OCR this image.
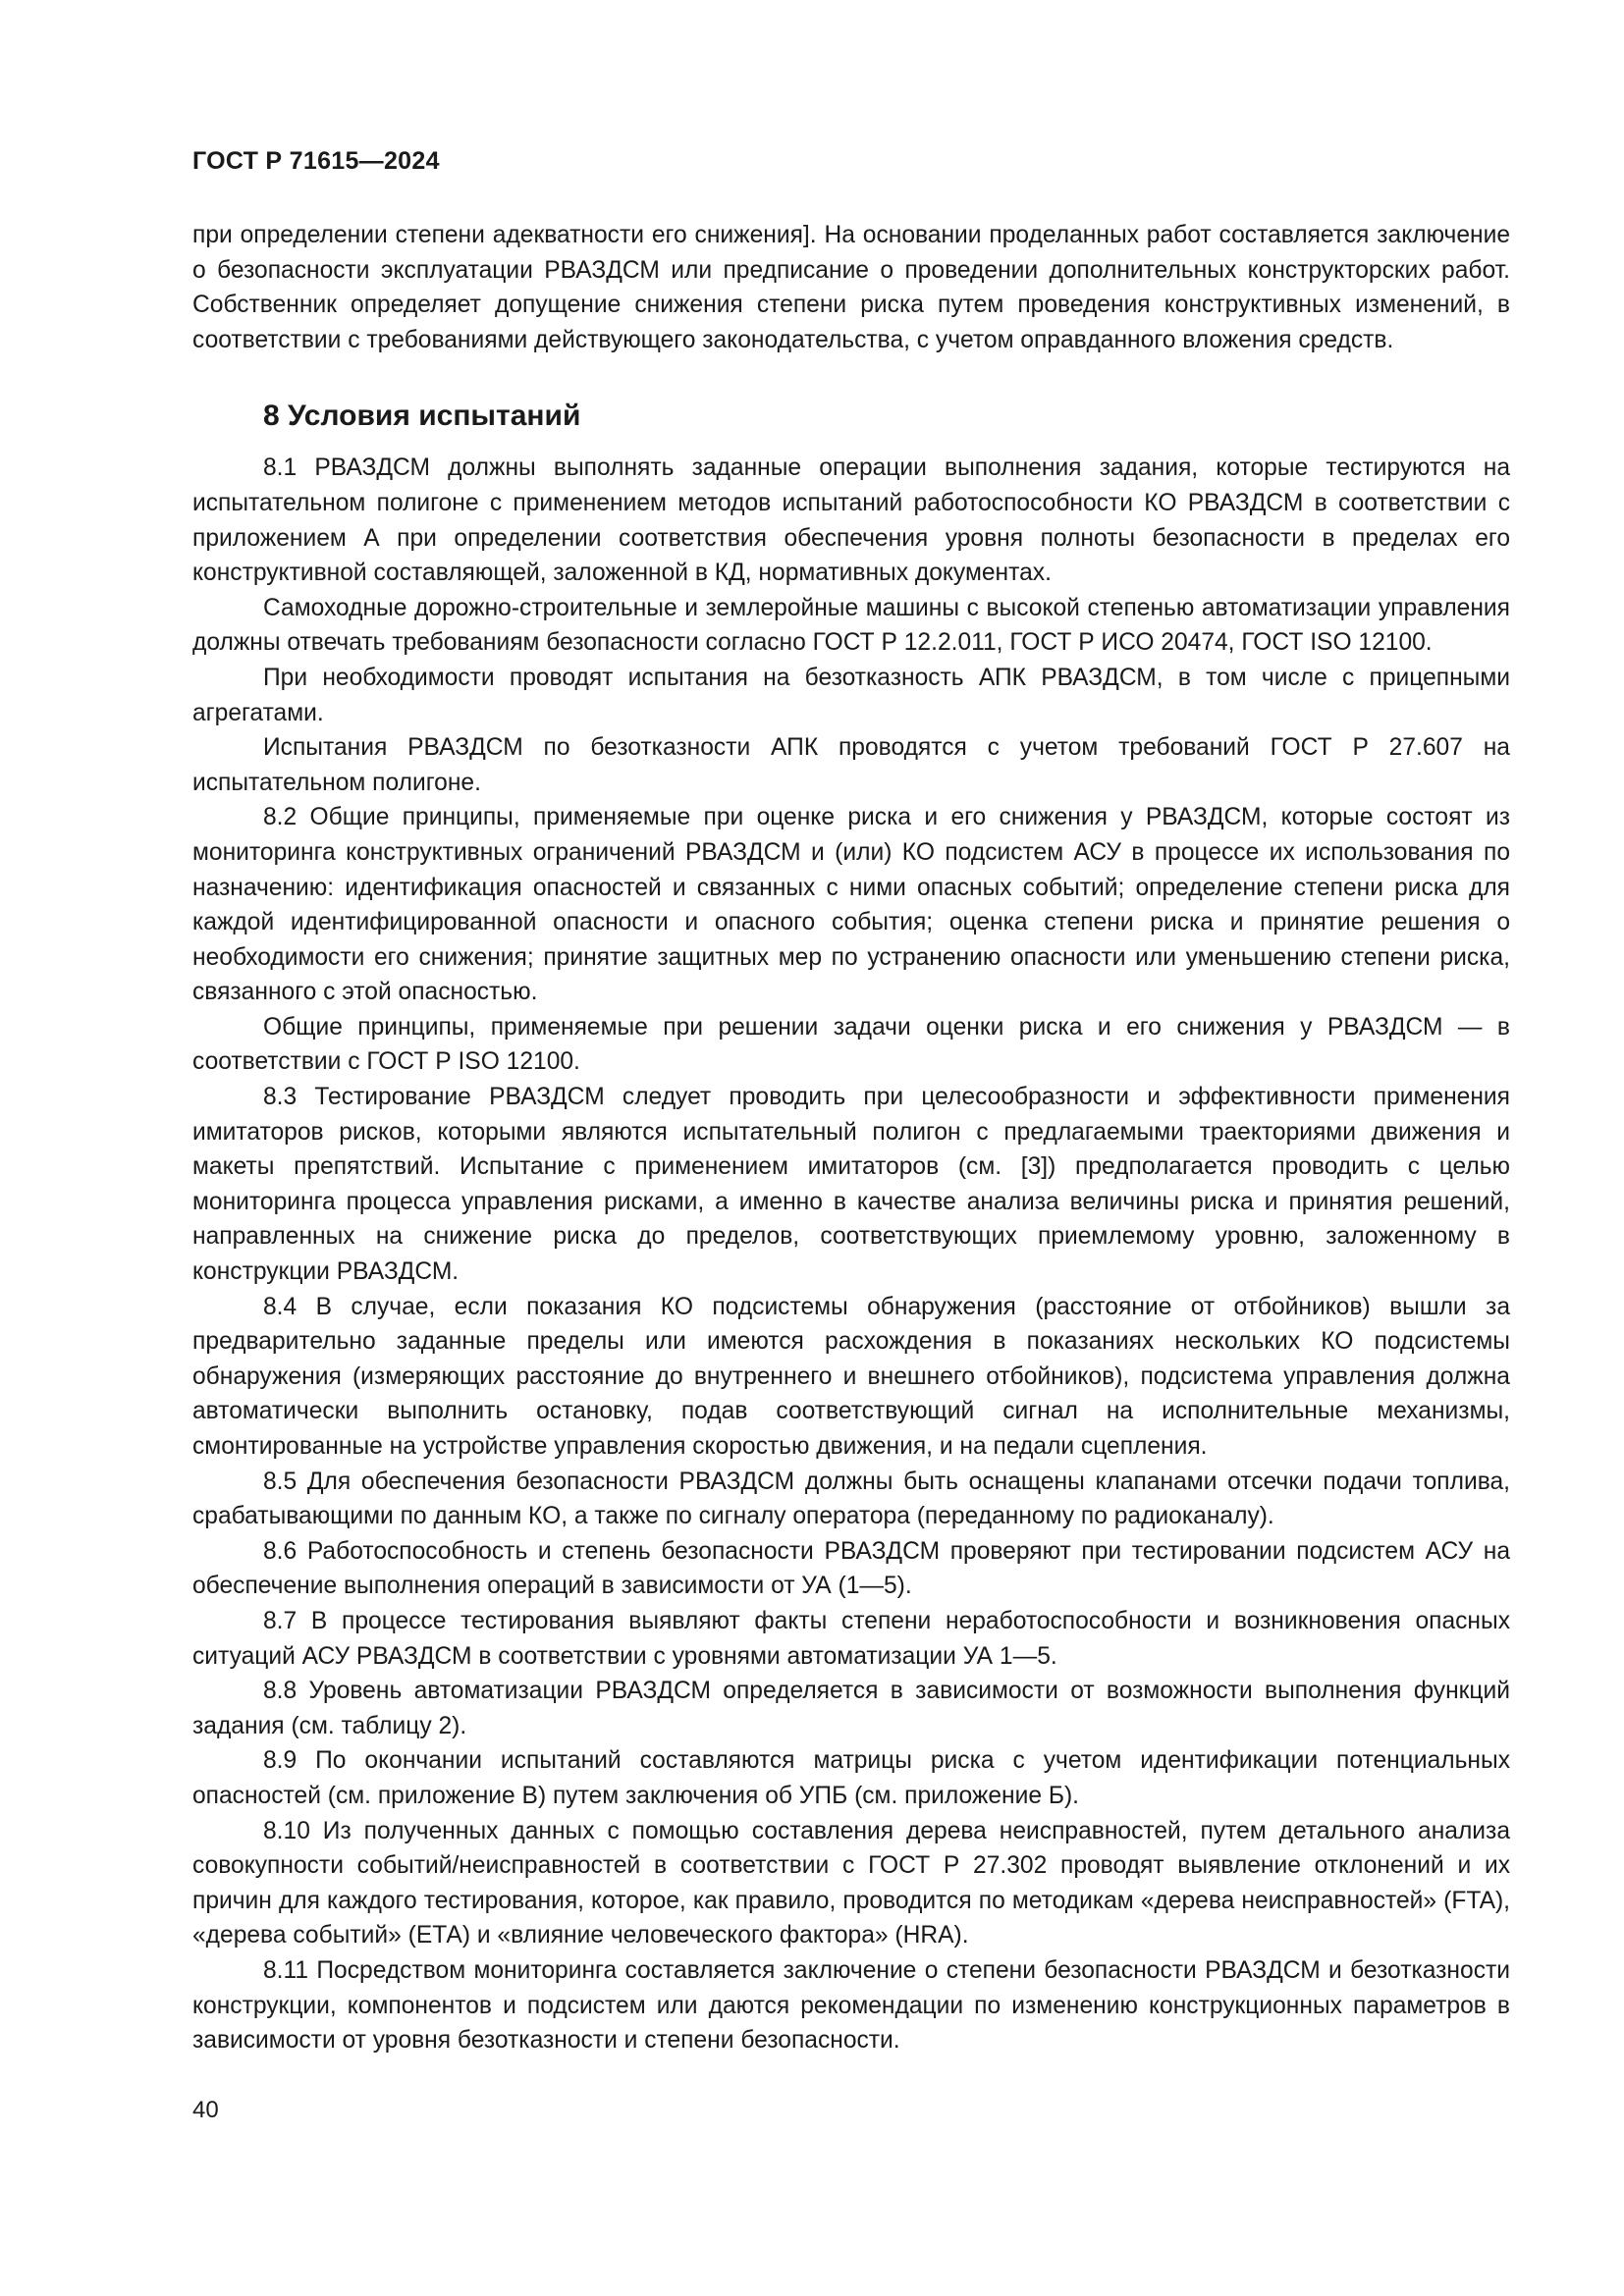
ГОСТ Р 71615—2024

при определении степени адекватности его снижения]. На основании проделанных работ составляется заключение о безопасности эксплуатации РВАЗДСМ или предписание о проведении дополнительных конструкторских работ. Собственник определяет допущение снижения степени риска путем проведения конструктивных изменений, в соответствии с требованиями действующего законодательства, с учетом оправданного вложения средств.

8 Условия испытаний

8.1 РВАЗДСМ должны выполнять заданные операции выполнения задания, которые тестируются на испытательном полигоне с применением методов испытаний работоспособности КО РВАЗДСМ в соответствии с приложением А при определении соответствия обеспечения уровня полноты безопасности в пределах его конструктивной составляющей, заложенной в КД, нормативных документах.

Самоходные дорожно-строительные и землеройные машины с высокой степенью автоматизации управления должны отвечать требованиям безопасности согласно ГОСТ Р 12.2.011, ГОСТ Р ИСО 20474, ГОСТ ISO 12100.

При необходимости проводят испытания на безотказность АПК РВАЗДСМ, в том числе с прицепными агрегатами.

Испытания РВАЗДСМ по безотказности АПК проводятся с учетом требований ГОСТ Р 27.607 на испытательном полигоне.

8.2 Общие принципы, применяемые при оценке риска и его снижения у РВАЗДСМ, которые состоят из мониторинга конструктивных ограничений РВАЗДСМ и (или) КО подсистем АСУ в процессе их использования по назначению: идентификация опасностей и связанных с ними опасных событий; определение степени риска для каждой идентифицированной опасности и опасного события; оценка степени риска и принятие решения о необходимости его снижения; принятие защитных мер по устранению опасности или уменьшению степени риска, связанного с этой опасностью.

Общие принципы, применяемые при решении задачи оценки риска и его снижения у РВАЗДСМ — в соответствии с ГОСТ Р ISO 12100.

8.3 Тестирование РВАЗДСМ следует проводить при целесообразности и эффективности применения имитаторов рисков, которыми являются испытательный полигон с предлагаемыми траекториями движения и макеты препятствий. Испытание с применением имитаторов (см. [3]) предполагается проводить с целью мониторинга процесса управления рисками, а именно в качестве анализа величины риска и принятия решений, направленных на снижение риска до пределов, соответствующих приемлемому уровню, заложенному в конструкции РВАЗДСМ.

8.4 В случае, если показания КО подсистемы обнаружения (расстояние от отбойников) вышли за предварительно заданные пределы или имеются расхождения в показаниях нескольких КО подсистемы обнаружения (измеряющих расстояние до внутреннего и внешнего отбойников), подсистема управления должна автоматически выполнить остановку, подав соответствующий сигнал на исполнительные механизмы, смонтированные на устройстве управления скоростью движения, и на педали сцепления.

8.5 Для обеспечения безопасности РВАЗДСМ должны быть оснащены клапанами отсечки подачи топлива, срабатывающими по данным КО, а также по сигналу оператора (переданному по радиоканалу).

8.6 Работоспособность и степень безопасности РВАЗДСМ проверяют при тестировании подсистем АСУ на обеспечение выполнения операций в зависимости от УА (1—5).

8.7 В процессе тестирования выявляют факты степени неработоспособности и возникновения опасных ситуаций АСУ РВАЗДСМ в соответствии с уровнями автоматизации УА 1—5.

8.8 Уровень автоматизации РВАЗДСМ определяется в зависимости от возможности выполнения функций задания (см. таблицу 2).

8.9 По окончании испытаний составляются матрицы риска с учетом идентификации потенциальных опасностей (см. приложение В) путем заключения об УПБ (см. приложение Б).

8.10 Из полученных данных с помощью составления дерева неисправностей, путем детального анализа совокупности событий/неисправностей в соответствии с ГОСТ Р 27.302 проводят выявление отклонений и их причин для каждого тестирования, которое, как правило, проводится по методикам «дерева неисправностей» (FTA), «дерева событий» (ЕТА) и «влияние человеческого фактора» (HRA).

8.11 Посредством мониторинга составляется заключение о степени безопасности РВАЗДСМ и безотказности конструкции, компонентов и подсистем или даются рекомендации по изменению конструкционных параметров в зависимости от уровня безотказности и степени безопасности.

40
